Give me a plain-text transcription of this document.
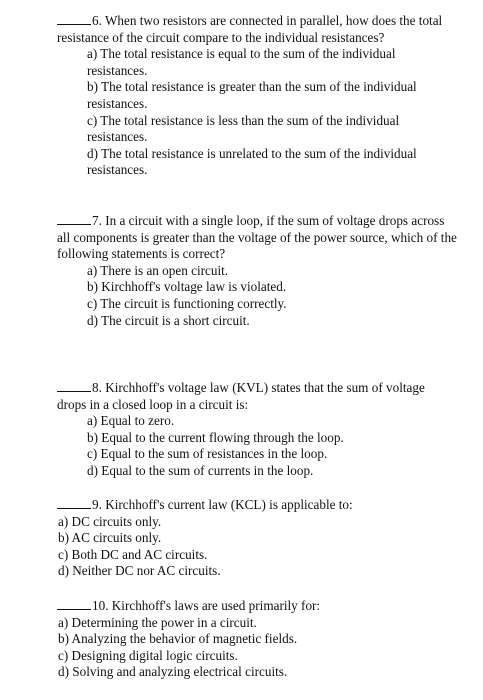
6. When two resistors are connected in parallel, how does the total resistance of the circuit compare to the individual resistances?

a) The total resistance is equal to the sum of the individual resistances.
b) The total resistance is greater than the sum of the individual resistances.
c) The total resistance is less than the sum of the individual resistances.
d) The total resistance is unrelated to the sum of the individual resistances.

7. In a circuit with a single loop, if the sum of voltage drops across all components is greater than the voltage of the power source, which of the following statements is correct?

a) There is an open circuit.
b) Kirchhoff's voltage law is violated.
c) The circuit is functioning correctly.
d) The circuit is a short circuit.

8. Kirchhoff's voltage law (KVL) states that the sum of voltage drops in a closed loop in a circuit is:

a) Equal to zero.
b) Equal to the current flowing through the loop.
c) Equal to the sum of resistances in the loop.
d) Equal to the sum of currents in the loop.

9. Kirchhoff's current law (KCL) is applicable to:

a) DC circuits only.
b) AC circuits only.
c) Both DC and AC circuits.
d) Neither DC nor AC circuits.

10. Kirchhoff's laws are used primarily for:

a) Determining the power in a circuit.
b) Analyzing the behavior of magnetic fields.
c) Designing digital logic circuits.
d) Solving and analyzing electrical circuits.
